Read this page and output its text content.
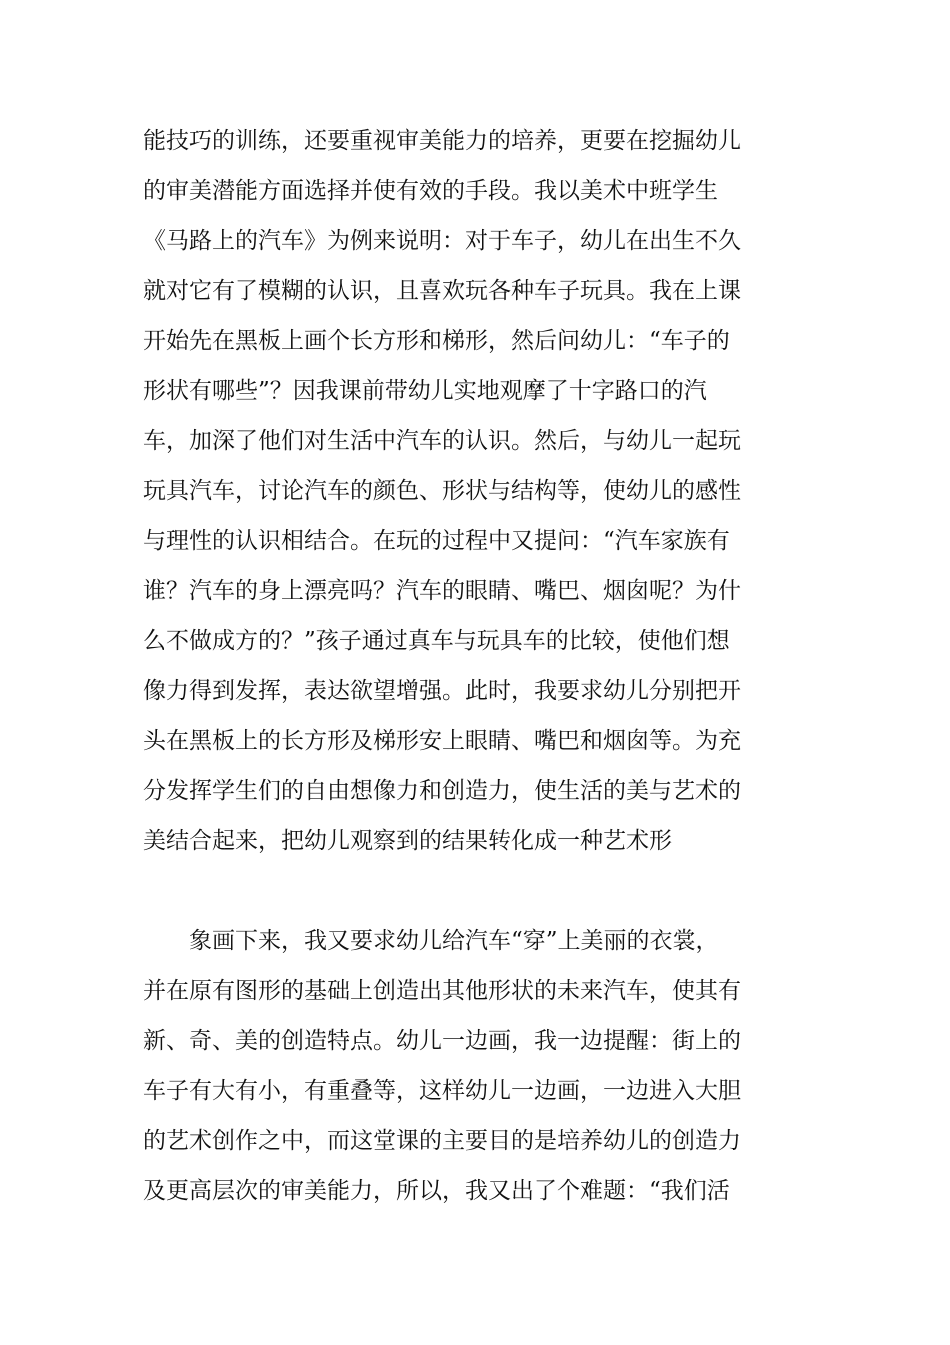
能技巧的训练，还要重视审美能力的培养，更要在挖掘幼儿
的审美潜能方面选择并使有效的手段。我以美术中班学生
《马路上的汽车》为例来说明：对于车子，幼儿在出生不久
就对它有了模糊的认识，且喜欢玩各种车子玩具。我在上课
开始先在黑板上画个长方形和梯形，然后问幼儿：“车子的
形状有哪些”？因我课前带幼儿实地观摩了十字路口的汽
车，加深了他们对生活中汽车的认识。然后，与幼儿一起玩
玩具汽车，讨论汽车的颜色、形状与结构等，使幼儿的感性
与理性的认识相结合。在玩的过程中又提问：“汽车家族有
谁？汽车的身上漂亮吗？汽车的眼睛、嘴巴、烟囱呢？为什
么不做成方的？”孩子通过真车与玩具车的比较，使他们想
像力得到发挥，表达欲望增强。此时，我要求幼儿分别把开
头在黑板上的长方形及梯形安上眼睛、嘴巴和烟囱等。为充
分发挥学生们的自由想像力和创造力，使生活的美与艺术的
美结合起来，把幼儿观察到的结果转化成一种艺术形
　　象画下来，我又要求幼儿给汽车“穿”上美丽的衣裳，
并在原有图形的基础上创造出其他形状的未来汽车，使其有
新、奇、美的创造特点。幼儿一边画，我一边提醒：街上的
车子有大有小，有重叠等，这样幼儿一边画，一边进入大胆
的艺术创作之中，而这堂课的主要目的是培养幼儿的创造力
及更高层次的审美能力，所以，我又出了个难题：“我们活
